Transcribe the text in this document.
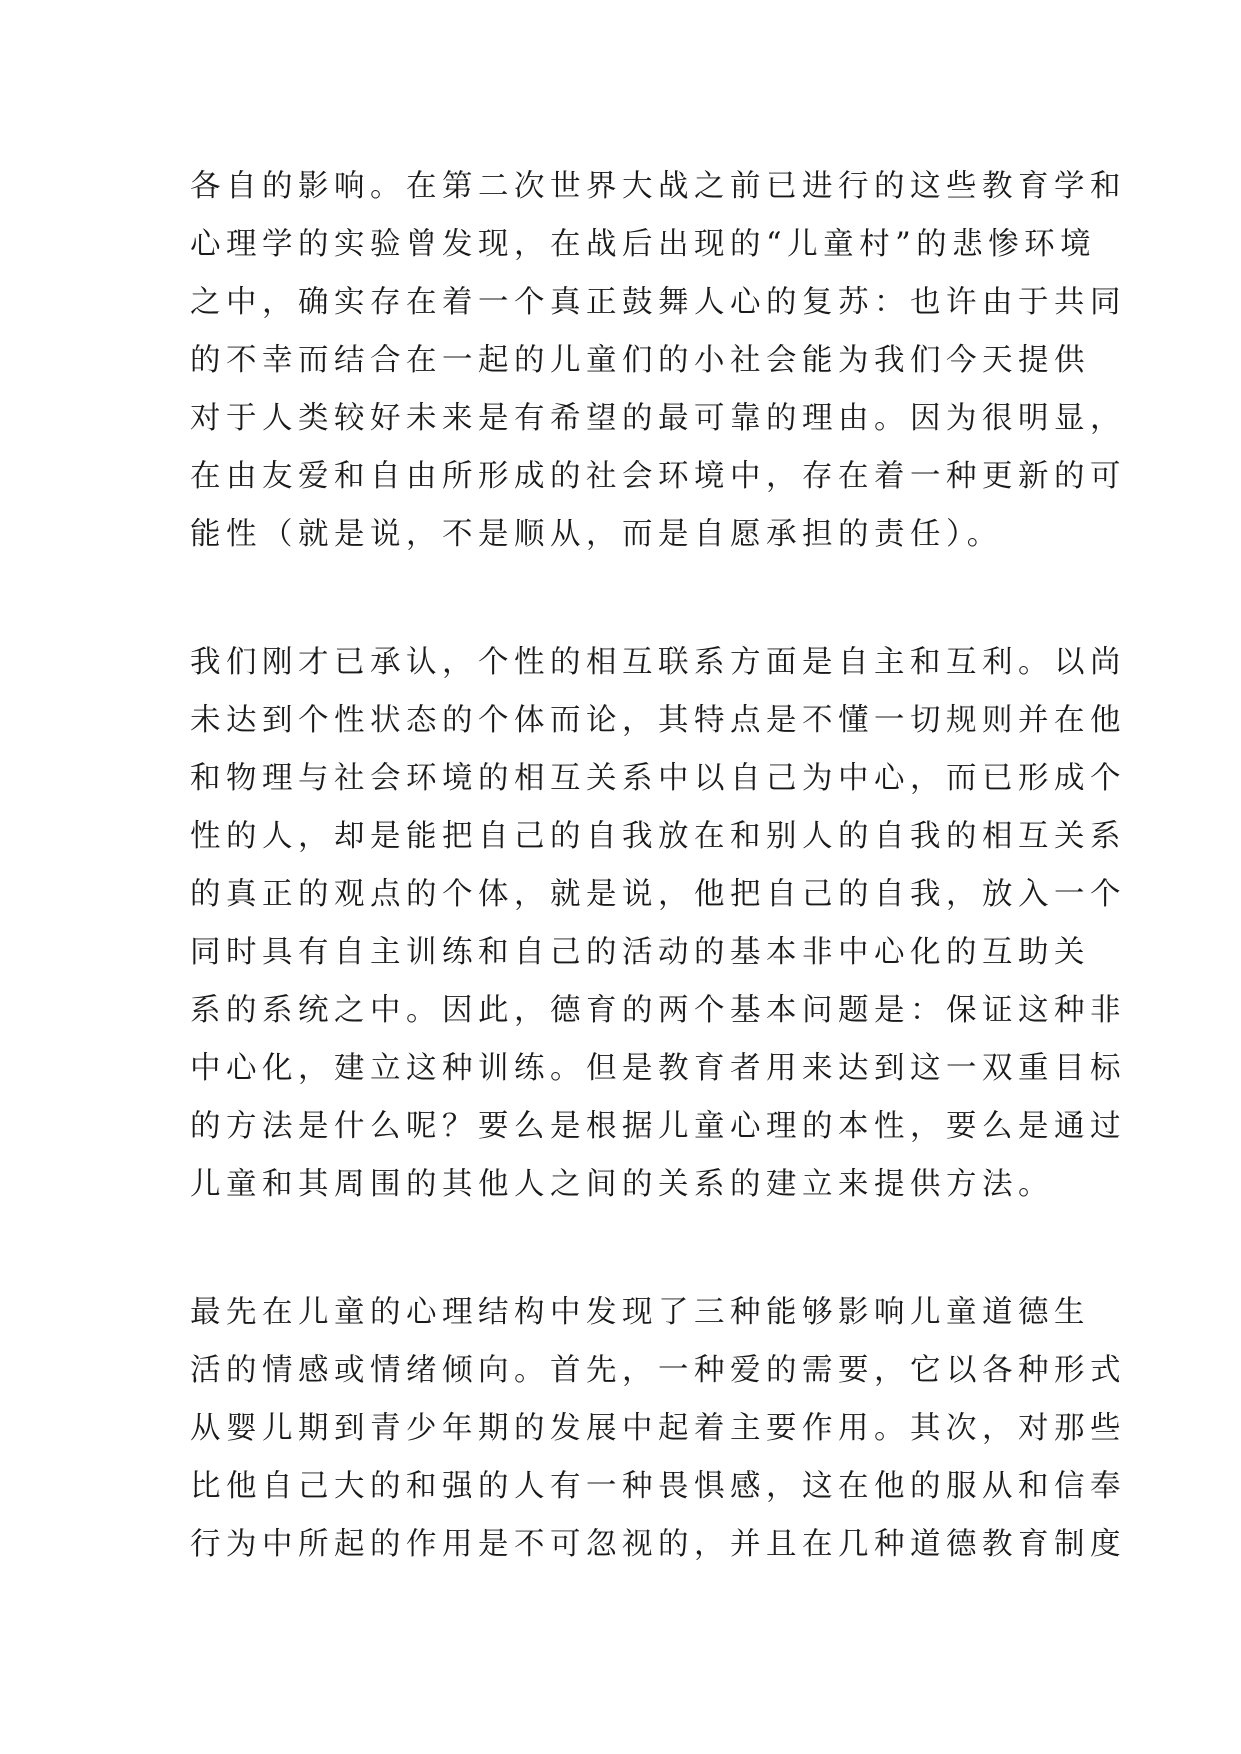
各自的影响。在第二次世界大战之前已进行的这些教育学和
心理学的实验曾发现，在战后出现的“儿童村”的悲惨环境
之中，确实存在着一个真正鼓舞人心的复苏：也许由于共同
的不幸而结合在一起的儿童们的小社会能为我们今天提供
对于人类较好未来是有希望的最可靠的理由。因为很明显，
在由友爱和自由所形成的社会环境中，存在着一种更新的可
能性（就是说，不是顺从，而是自愿承担的责任）。

我们刚才已承认，个性的相互联系方面是自主和互利。以尚
未达到个性状态的个体而论，其特点是不懂一切规则并在他
和物理与社会环境的相互关系中以自己为中心，而已形成个
性的人，却是能把自己的自我放在和别人的自我的相互关系
的真正的观点的个体，就是说，他把自己的自我，放入一个
同时具有自主训练和自己的活动的基本非中心化的互助关
系的系统之中。因此，德育的两个基本问题是：保证这种非
中心化，建立这种训练。但是教育者用来达到这一双重目标
的方法是什么呢？要么是根据儿童心理的本性，要么是通过
儿童和其周围的其他人之间的关系的建立来提供方法。

最先在儿童的心理结构中发现了三种能够影响儿童道德生
活的情感或情绪倾向。首先，一种爱的需要，它以各种形式
从婴儿期到青少年期的发展中起着主要作用。其次，对那些
比他自己大的和强的人有一种畏惧感，这在他的服从和信奉
行为中所起的作用是不可忽视的，并且在几种道德教育制度
